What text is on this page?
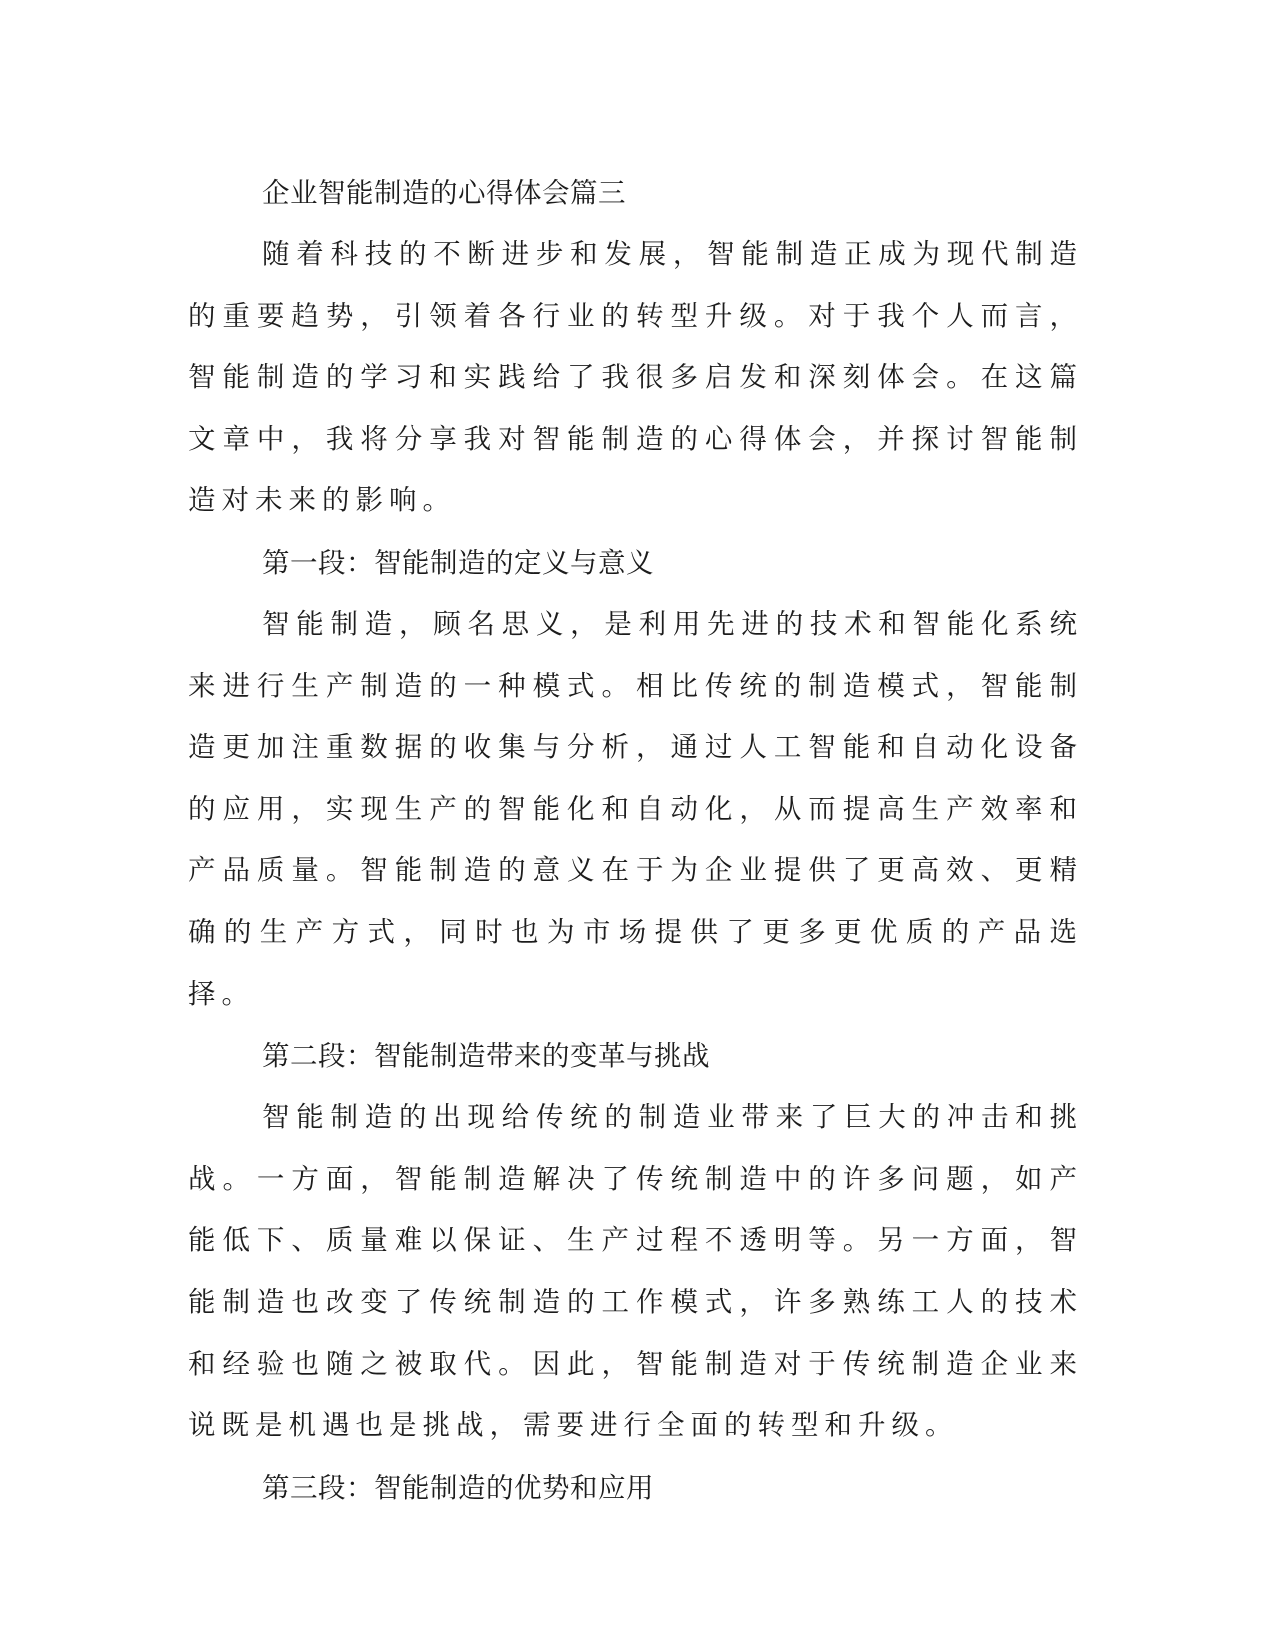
企业智能制造的心得体会篇三

随着科技的不断进步和发展，智能制造正成为现代制造的重要趋势，引领着各行业的转型升级。对于我个人而言，智能制造的学习和实践给了我很多启发和深刻体会。在这篇文章中，我将分享我对智能制造的心得体会，并探讨智能制造对未来的影响。

第一段：智能制造的定义与意义

智能制造，顾名思义，是利用先进的技术和智能化系统来进行生产制造的一种模式。相比传统的制造模式，智能制造更加注重数据的收集与分析，通过人工智能和自动化设备的应用，实现生产的智能化和自动化，从而提高生产效率和产品质量。智能制造的意义在于为企业提供了更高效、更精确的生产方式，同时也为市场提供了更多更优质的产品选择。

第二段：智能制造带来的变革与挑战

智能制造的出现给传统的制造业带来了巨大的冲击和挑战。一方面，智能制造解决了传统制造中的许多问题，如产能低下、质量难以保证、生产过程不透明等。另一方面，智能制造也改变了传统制造的工作模式，许多熟练工人的技术和经验也随之被取代。因此，智能制造对于传统制造企业来说既是机遇也是挑战，需要进行全面的转型和升级。

第三段：智能制造的优势和应用
